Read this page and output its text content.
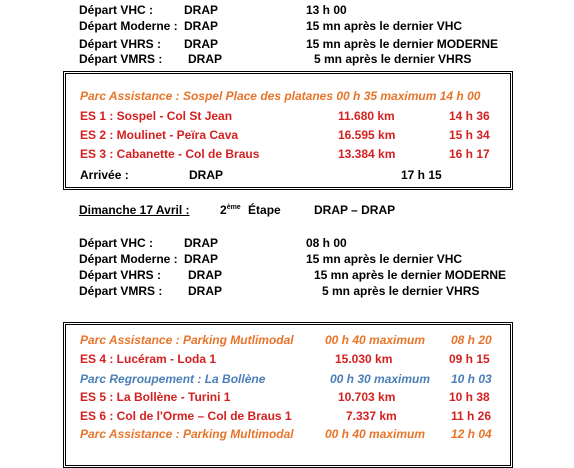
Départ VHC :	DRAP	13 h 00
Départ Moderne : DRAP	15 mn après le dernier VHC
Départ VHRS : DRAP	15 mn après le dernier MODERNE
Départ VMRS : DRAP	5 mn après le dernier VHRS
Parc Assistance : Sospel Place des platanes 00 h 35 maximum 14 h 00
ES 1 : Sospel - Col St Jean	11.680 km	14 h 36
ES 2 : Moulinet - Peïra Cava	16.595 km	15 h 34
ES 3 : Cabanette - Col de Braus	13.384 km	16 h 17
Arrivée :	DRAP	17 h 15
Dimanche 17 Avril :	2ème Étape	DRAP – DRAP
Départ VHC :	DRAP	08 h 00
Départ Moderne : DRAP	15 mn après le dernier VHC
Départ VHRS : DRAP	15 mn après le dernier MODERNE
Départ VMRS : DRAP	5 mn après le dernier VHRS
Parc Assistance : Parking Mutlimodal	00 h 40 maximum 08 h 20
ES 4 : Lucéram - Loda 1	15.030 km	09 h 15
Parc Regroupement : La Bollène	00 h 30 maximum 10 h 03
ES 5 : La Bollène - Turini 1	10.703 km	10 h 38
ES 6 : Col de l'Orme – Col de Braus 1	7.337 km	11 h 26
Parc Assistance : Parking Multimodal	00 h 40 maximum 12 h 04
